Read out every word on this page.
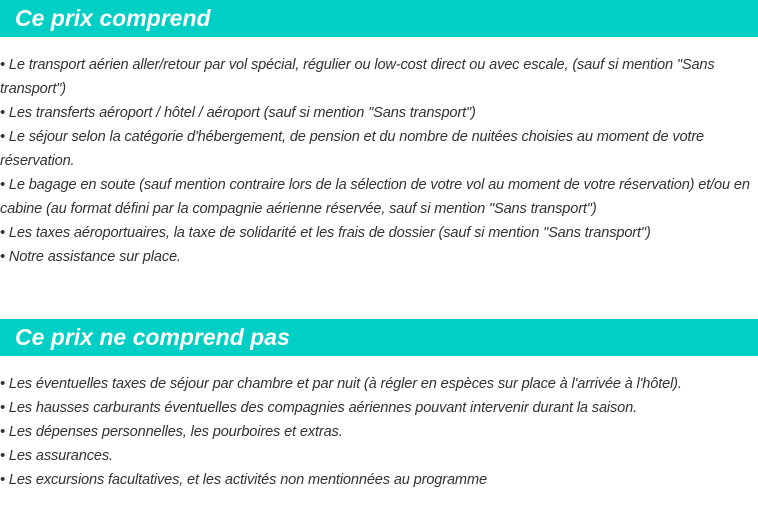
Ce prix comprend
• Le transport aérien aller/retour par vol spécial, régulier ou low-cost direct ou avec escale, (sauf si mention "Sans transport")
• Les transferts aéroport / hôtel / aéroport (sauf si mention "Sans transport")
• Le séjour selon la catégorie d'hébergement, de pension et du nombre de nuitées choisies au moment de votre réservation.
• Le bagage en soute (sauf mention contraire lors de la sélection de votre vol au moment de votre réservation) et/ou en cabine (au format défini par la compagnie aérienne réservée, sauf si mention "Sans transport")
• Les taxes aéroportuaires, la taxe de solidarité et les frais de dossier (sauf si mention "Sans transport")
• Notre assistance sur place.
Ce prix ne comprend pas
• Les éventuelles taxes de séjour par chambre et par nuit (à régler en espèces sur place à l'arrivée à l'hôtel).
• Les hausses carburants éventuelles des compagnies aériennes pouvant intervenir durant la saison.
• Les dépenses personnelles, les pourboires et extras.
• Les assurances.
• Les excursions facultatives, et les activités non mentionnées au programme
